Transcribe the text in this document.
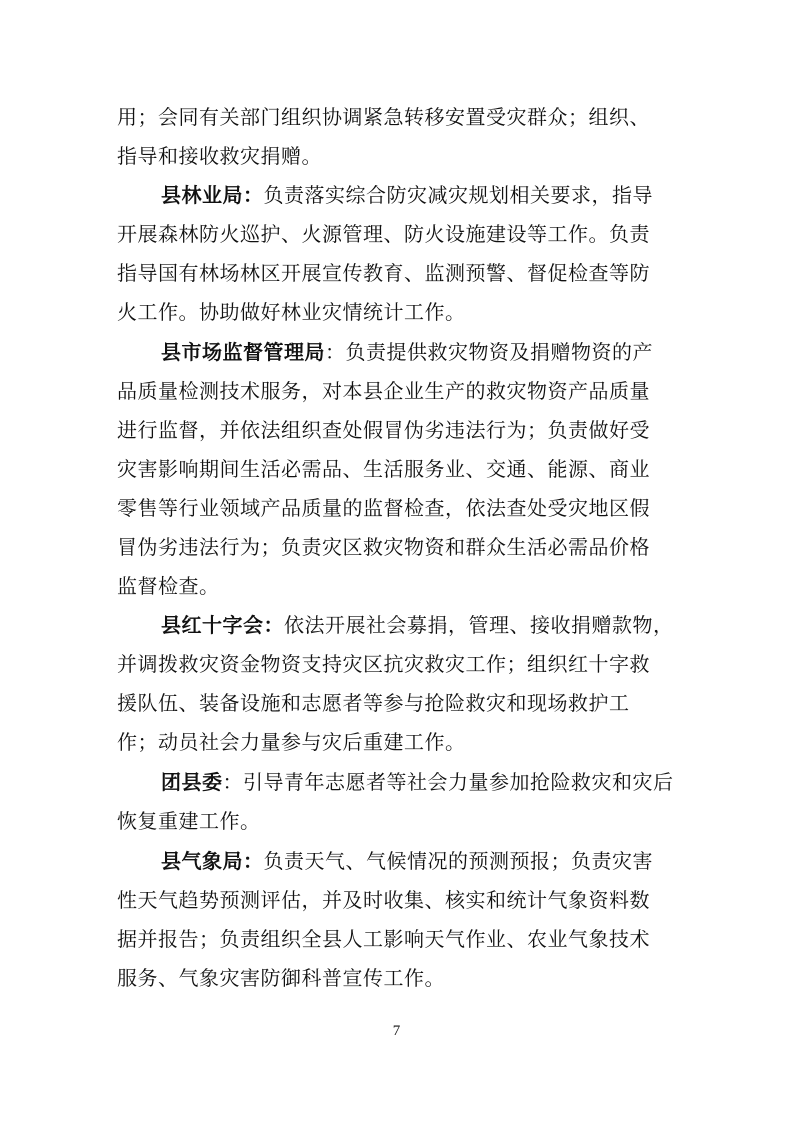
用；会同有关部门组织协调紧急转移安置受灾群众；组织、
指导和接收救灾捐赠。
县林业局：负责落实综合防灾减灾规划相关要求，指导
开展森林防火巡护、火源管理、防火设施建设等工作。负责
指导国有林场林区开展宣传教育、监测预警、督促检查等防
火工作。协助做好林业灾情统计工作。
县市场监督管理局：负责提供救灾物资及捐赠物资的产
品质量检测技术服务，对本县企业生产的救灾物资产品质量
进行监督，并依法组织查处假冒伪劣违法行为；负责做好受
灾害影响期间生活必需品、生活服务业、交通、能源、商业
零售等行业领域产品质量的监督检查，依法查处受灾地区假
冒伪劣违法行为；负责灾区救灾物资和群众生活必需品价格
监督检查。
县红十字会：依法开展社会募捐，管理、接收捐赠款物，
并调拨救灾资金物资支持灾区抗灾救灾工作；组织红十字救
援队伍、装备设施和志愿者等参与抢险救灾和现场救护工
作；动员社会力量参与灾后重建工作。
团县委：引导青年志愿者等社会力量参加抢险救灾和灾后
恢复重建工作。
县气象局：负责天气、气候情况的预测预报；负责灾害
性天气趋势预测评估，并及时收集、核实和统计气象资料数
据并报告；负责组织全县人工影响天气作业、农业气象技术
服务、气象灾害防御科普宣传工作。
7
